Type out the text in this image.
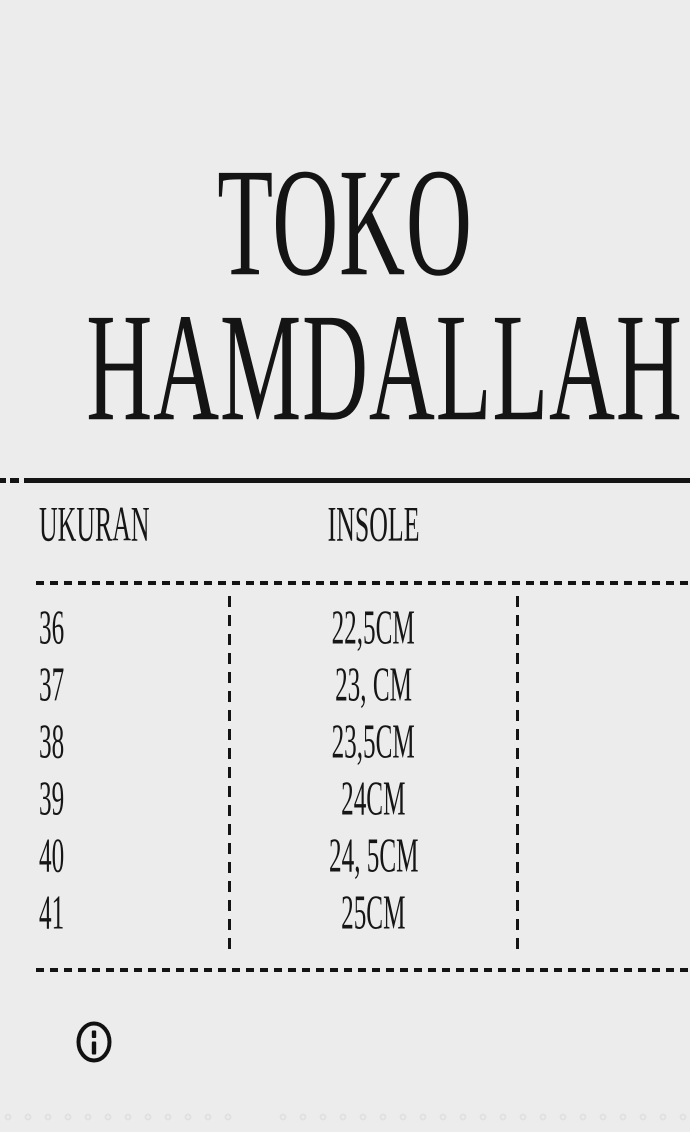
TOKO
HAMDALLAH
UKURAN	INSOLE
36	22,5CM
37	23, CM
38	23,5CM
39	24CM
40	24, 5CM
41	25CM
